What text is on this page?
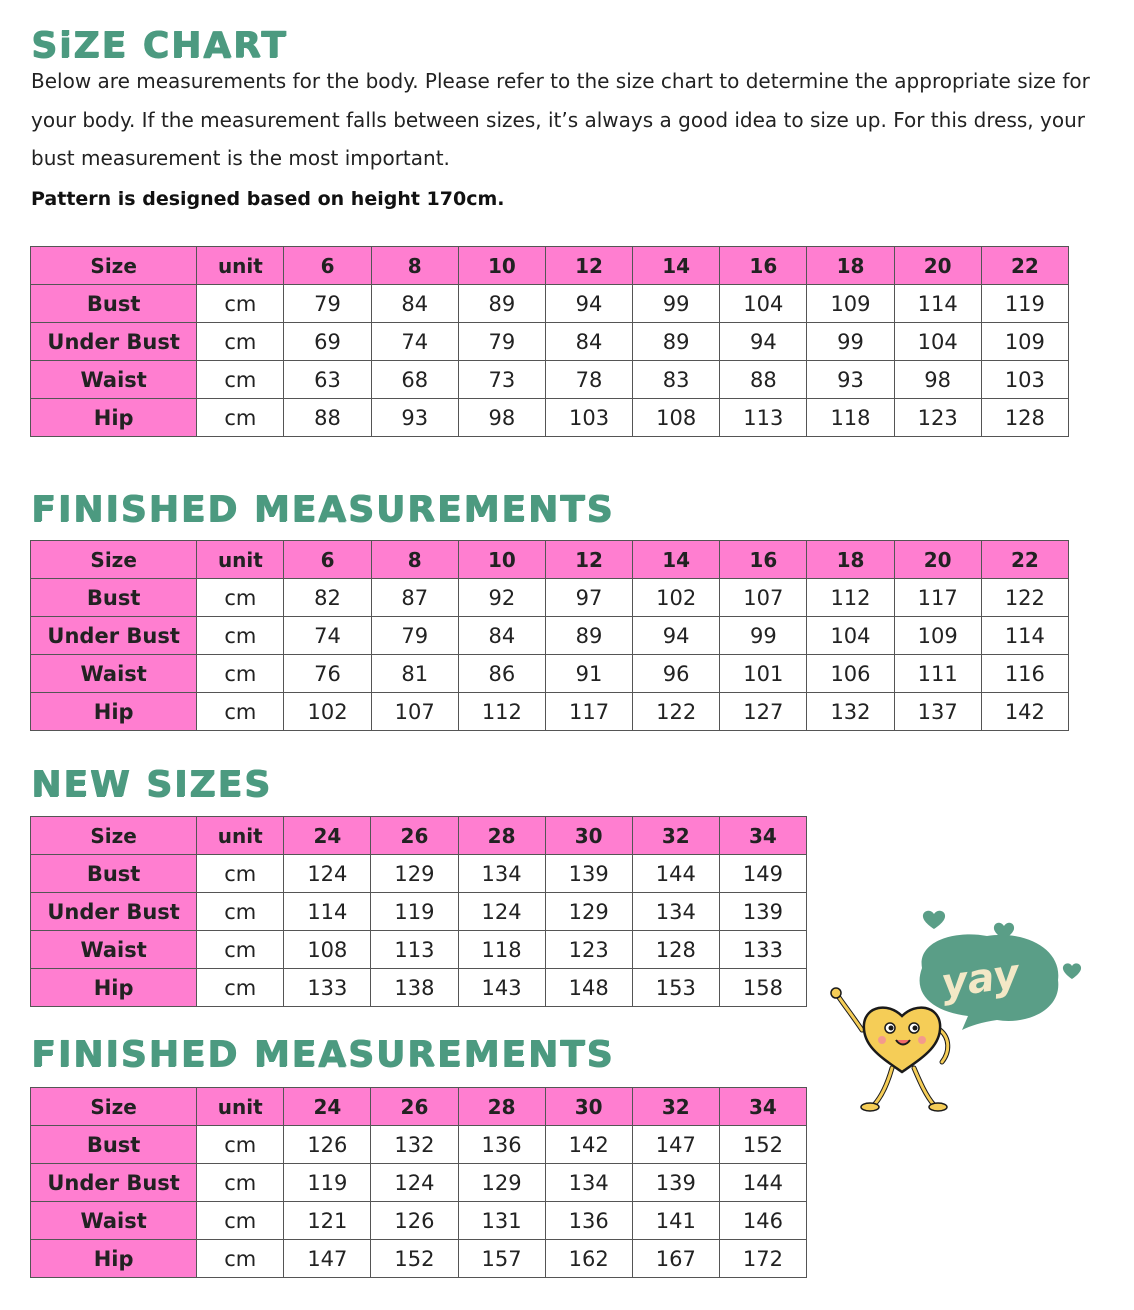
SiZE CHART

Below are measurements for the body. Please refer to the size chart to determine the appropriate size for your body. If the measurement falls between sizes, it’s always a good idea to size up. For this dress, your bust measurement is the most important.

Pattern is designed based on height 170cm.

Size	unit	6	8	10	12	14	16	18	20	22
Bust	cm	79	84	89	94	99	104	109	114	119
Under Bust	cm	69	74	79	84	89	94	99	104	109
Waist	cm	63	68	73	78	83	88	93	98	103
Hip	cm	88	93	98	103	108	113	118	123	128
FINISHED MEASUREMENTS
Size	unit	6	8	10	12	14	16	18	20	22
Bust	cm	82	87	92	97	102	107	112	117	122
Under Bust	cm	74	79	84	89	94	99	104	109	114
Waist	cm	76	81	86	91	96	101	106	111	116
Hip	cm	102	107	112	117	122	127	132	137	142
NEW SIZES
Size	unit	24	26	28	30	32	34
Bust	cm	124	129	134	139	144	149
Under Bust	cm	114	119	124	129	134	139
Waist	cm	108	113	118	123	128	133
Hip	cm	133	138	143	148	153	158
FINISHED MEASUREMENTS
Size	unit	24	26	28	30	32	34
Bust	cm	126	132	136	142	147	152
Under Bust	cm	119	124	129	134	139	144
Waist	cm	121	126	131	136	141	146
Hip	cm	147	152	157	162	167	172
yay
